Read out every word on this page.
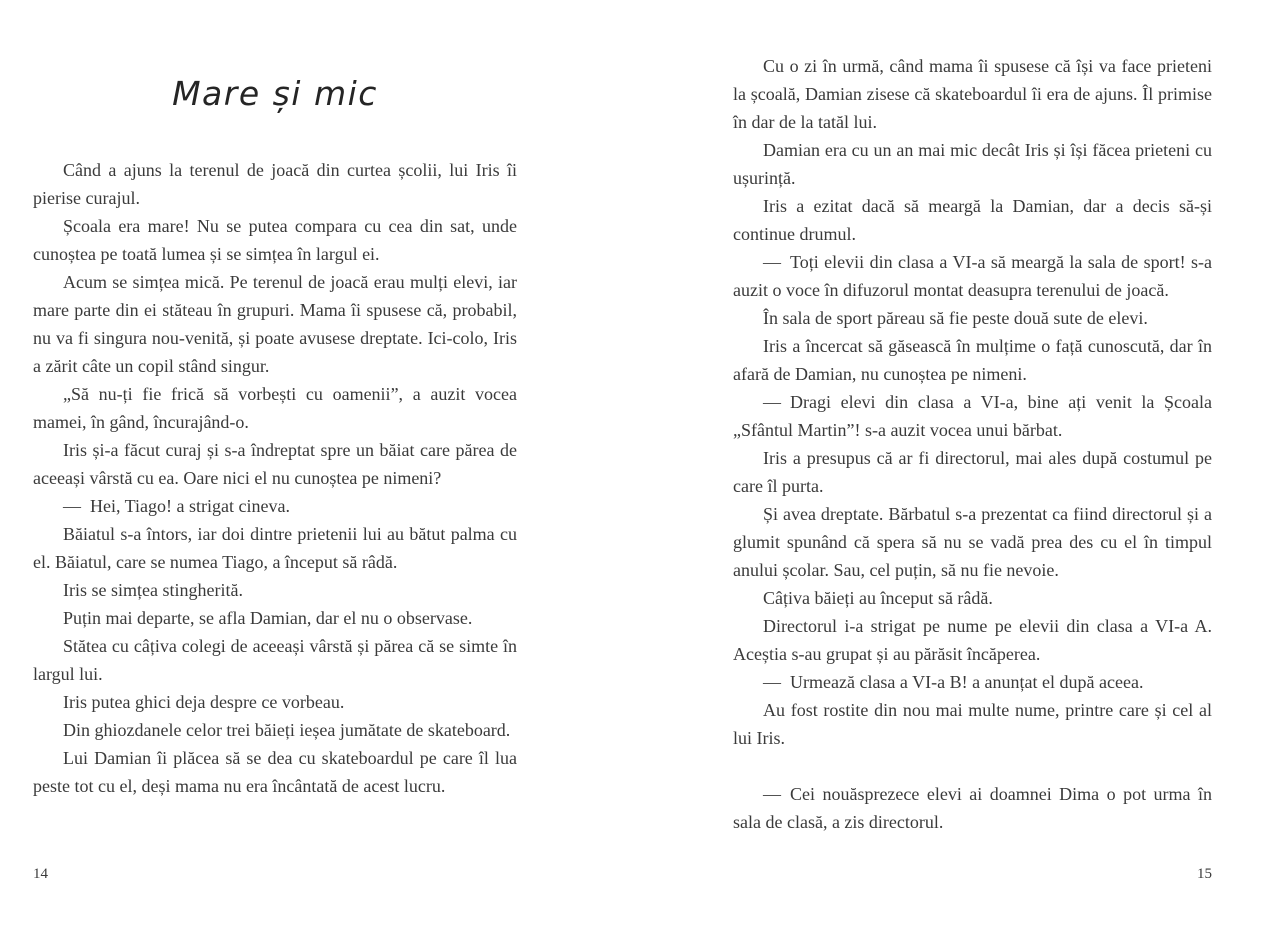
Mare și mic

Când a ajuns la terenul de joacă din curtea școlii, lui Iris îi pierise curajul.

Școala era mare! Nu se putea compara cu cea din sat, unde cunoștea pe toată lumea și se simțea în largul ei.

Acum se simțea mică. Pe terenul de joacă erau mulți elevi, iar mare parte din ei stăteau în grupuri. Mama îi spusese că, probabil, nu va fi singura nou-venită, și poate avusese dreptate. Ici-colo, Iris a zărit câte un copil stând singur.

„Să nu-ți fie frică să vorbești cu oamenii”, a auzit vocea mamei, în gând, încurajând-o.

Iris și-a făcut curaj și s-a îndreptat spre un băiat care părea de aceeași vârstă cu ea. Oare nici el nu cunoștea pe nimeni?

— Hei, Tiago! a strigat cineva.

Băiatul s-a întors, iar doi dintre prietenii lui au bătut palma cu el. Băiatul, care se numea Tiago, a început să râdă.

Iris se simțea stingherită.

Puțin mai departe, se afla Damian, dar el nu o observase.

Stătea cu câțiva colegi de aceeași vârstă și părea că se simte în largul lui.

Iris putea ghici deja despre ce vorbeau.

Din ghiozdanele celor trei băieți ieșea jumătate de skateboard.

Lui Damian îi plăcea să se dea cu skateboardul pe care îl lua peste tot cu el, deși mama nu era încântată de acest lucru.

Cu o zi în urmă, când mama îi spusese că își va face prieteni la școală, Damian zisese că skateboardul îi era de ajuns. Îl primise în dar de la tatăl lui.

Damian era cu un an mai mic decât Iris și își făcea prieteni cu ușurință.

Iris a ezitat dacă să meargă la Damian, dar a decis să-și continue drumul.

— Toți elevii din clasa a VI-a să meargă la sala de sport! s-a auzit o voce în difuzorul montat deasupra terenului de joacă.

În sala de sport păreau să fie peste două sute de elevi.

Iris a încercat să găsească în mulțime o față cunoscută, dar în afară de Damian, nu cunoștea pe nimeni.

— Dragi elevi din clasa a VI-a, bine ați venit la Școala „Sfântul Martin”! s-a auzit vocea unui bărbat.

Iris a presupus că ar fi directorul, mai ales după costumul pe care îl purta.

Și avea dreptate. Bărbatul s-a prezentat ca fiind directorul și a glumit spunând că spera să nu se vadă prea des cu el în timpul anului școlar. Sau, cel puțin, să nu fie nevoie.

Câțiva băieți au început să râdă.

Directorul i-a strigat pe nume pe elevii din clasa a VI-a A. Aceștia s-au grupat și au părăsit încăperea.

— Urmează clasa a VI-a B! a anunțat el după aceea.

Au fost rostite din nou mai multe nume, printre care și cel al lui Iris.

— Cei nouăsprezece elevi ai doamnei Dima o pot urma în sala de clasă, a zis directorul.

14	15
